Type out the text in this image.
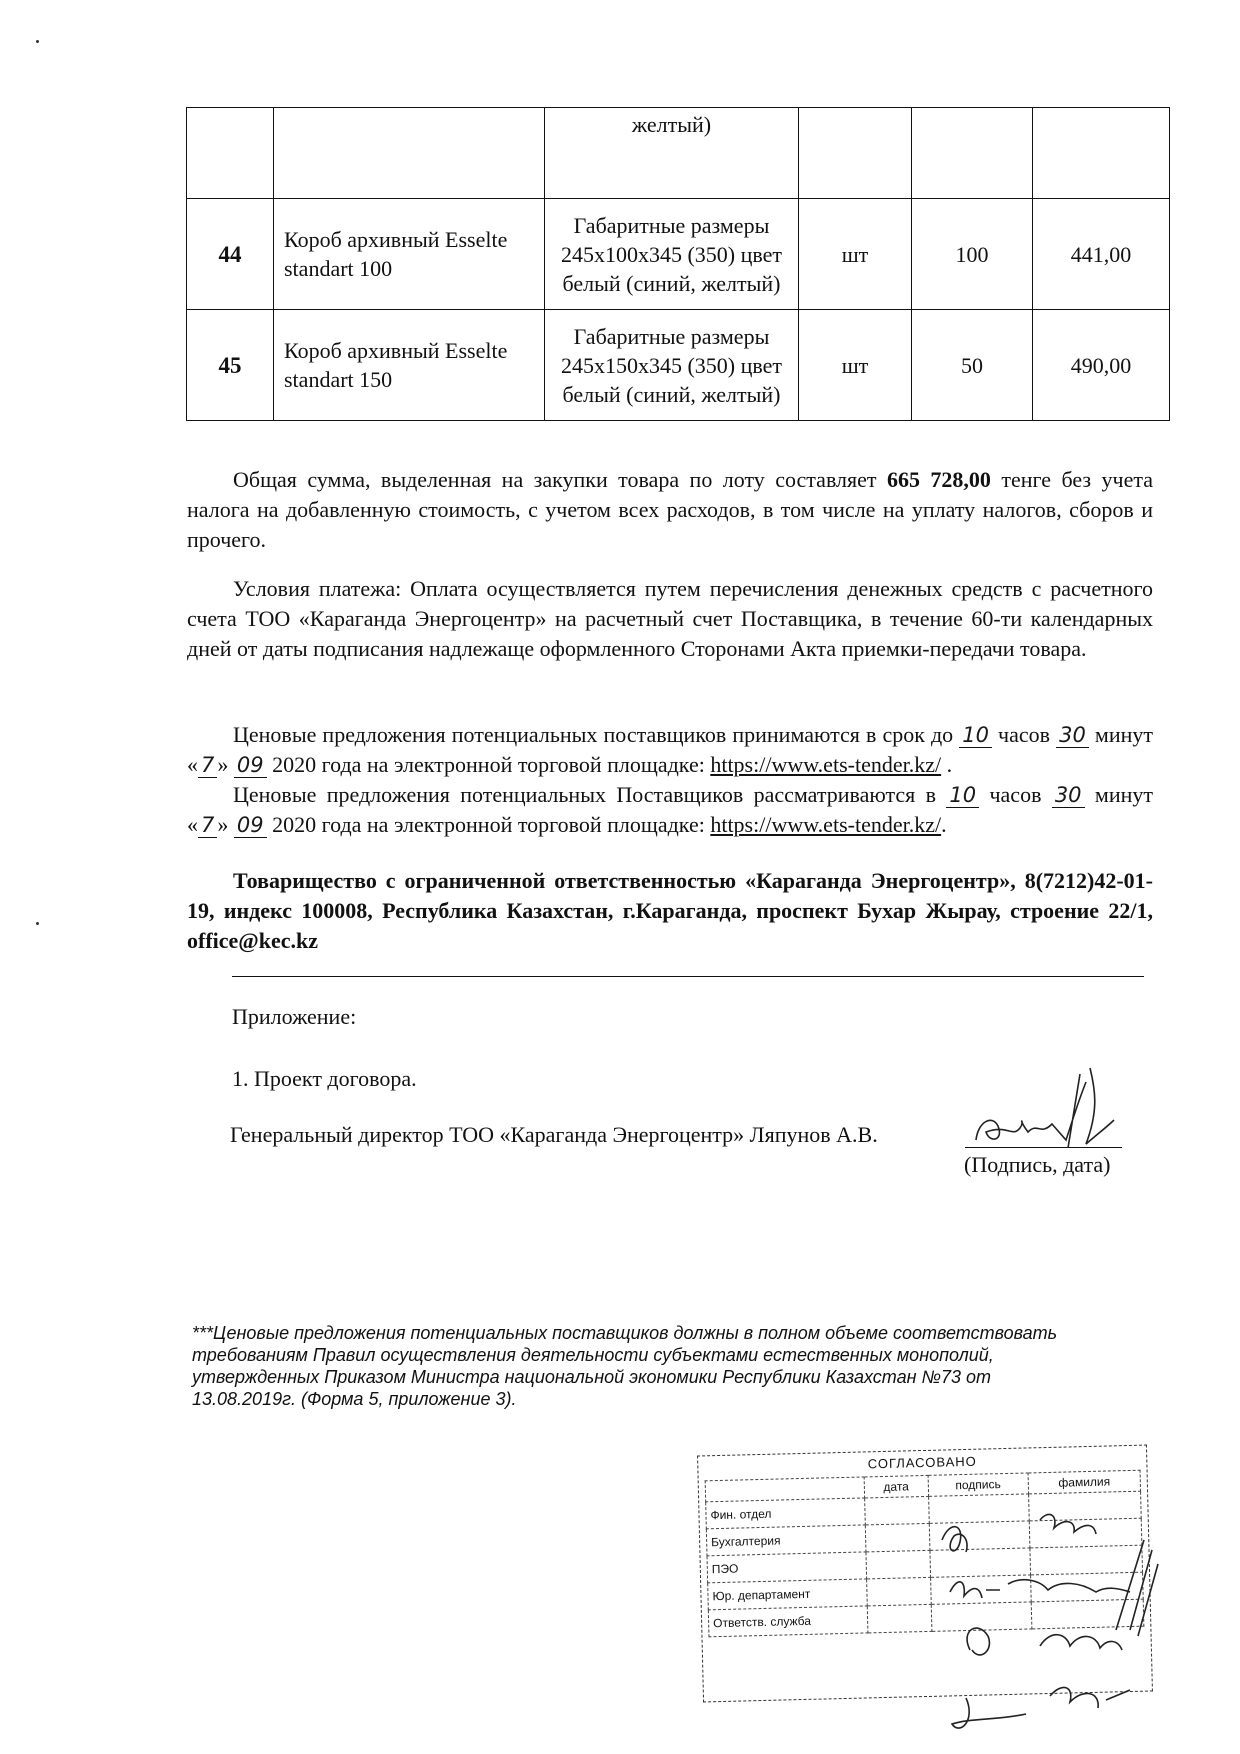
		желтый)			
44	Короб архивный Esselte standart 100	Габаритные размеры 245x100x345 (350) цвет белый (синий, желтый)	шт	100	441,00
45	Короб архивный Esselte standart 150	Габаритные размеры 245x150x345 (350) цвет белый (синий, желтый)	шт	50	490,00
Общая сумма, выделенная на закупки товара по лоту составляет 665 728,00 тенге без учета налога на добавленную стоимость, с учетом всех расходов, в том числе на уплату налогов, сборов и прочего.
Условия платежа: Оплата осуществляется путем перечисления денежных средств с расчетного счета ТОО «Караганда Энергоцентр» на расчетный счет Поставщика, в течение 60-ти календарных дней от даты подписания надлежаще оформленного Сторонами Акта приемки-передачи товара.
Ценовые предложения потенциальных поставщиков принимаются в срок до 10 часов 30 минут « 7 » 09 2020 года на электронной торговой площадке: https://www.ets-tender.kz/ .
Ценовые предложения потенциальных Поставщиков рассматриваются в 10 часов 30 минут « 7 » 09 2020 года на электронной торговой площадке: https://www.ets-tender.kz/.
Товарищество с ограниченной ответственностью «Караганда Энергоцентр», 8(7212)42-01-19, индекс 100008, Республика Казахстан, г.Караганда, проспект Бухар Жырау, строение 22/1, office@kec.kz
Приложение:
1. Проект договора.
Генеральный директор ТОО «Караганда Энергоцентр» Ляпунов А.В.
(Подпись, дата)
***Ценовые предложения потенциальных поставщиков должны в полном объеме соответствовать требованиям Правил осуществления деятельности субъектами естественных монополий, утвержденных Приказом Министра национальной экономики Республики Казахстан №73 от 13.08.2019г. (Форма 5, приложение 3).
СОГЛАСОВАНО
	дата	подпись	фамилия
Фин. отдел			
Бухгалтерия			
ПЭО			
Юр. департамент			
Ответств. служба			
